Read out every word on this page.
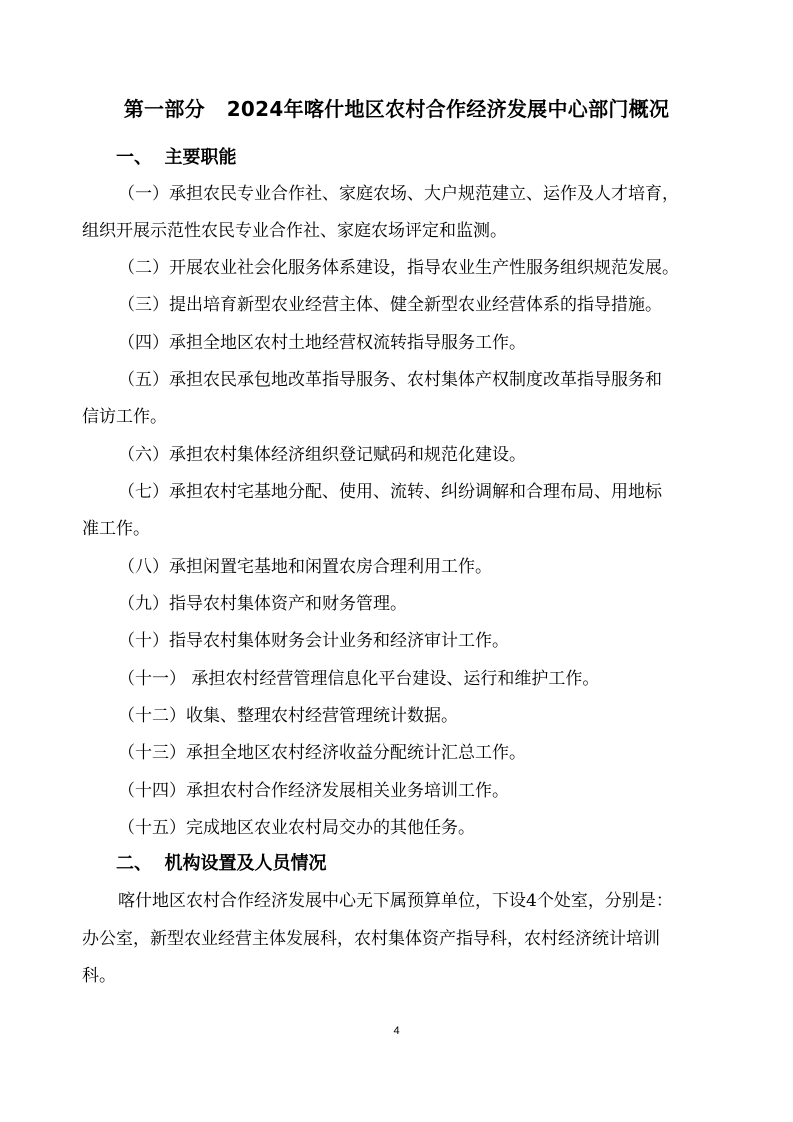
第一部分   2024年喀什地区农村合作经济发展中心部门概况
一、  主要职能
（一）承担农民专业合作社、家庭农场、大户规范建立、运作及人才培育，
组织开展示范性农民专业合作社、家庭农场评定和监测。
（二）开展农业社会化服务体系建设，指导农业生产性服务组织规范发展。
（三）提出培育新型农业经营主体、健全新型农业经营体系的指导措施。
（四）承担全地区农村土地经营权流转指导服务工作。
（五）承担农民承包地改革指导服务、农村集体产权制度改革指导服务和
信访工作。
（六）承担农村集体经济组织登记赋码和规范化建设。
（七）承担农村宅基地分配、使用、流转、纠纷调解和合理布局、用地标
准工作。
（八）承担闲置宅基地和闲置农房合理利用工作。
（九）指导农村集体资产和财务管理。
（十）指导农村集体财务会计业务和经济审计工作。
（十一） 承担农村经营管理信息化平台建设、运行和维护工作。
（十二）收集、整理农村经营管理统计数据。
（十三）承担全地区农村经济收益分配统计汇总工作。
（十四）承担农村合作经济发展相关业务培训工作。
（十五）完成地区农业农村局交办的其他任务。
二、  机构设置及人员情况
喀什地区农村合作经济发展中心无下属预算单位，下设4个处室，分别是：
办公室，新型农业经营主体发展科，农村集体资产指导科，农村经济统计培训
科。
4
